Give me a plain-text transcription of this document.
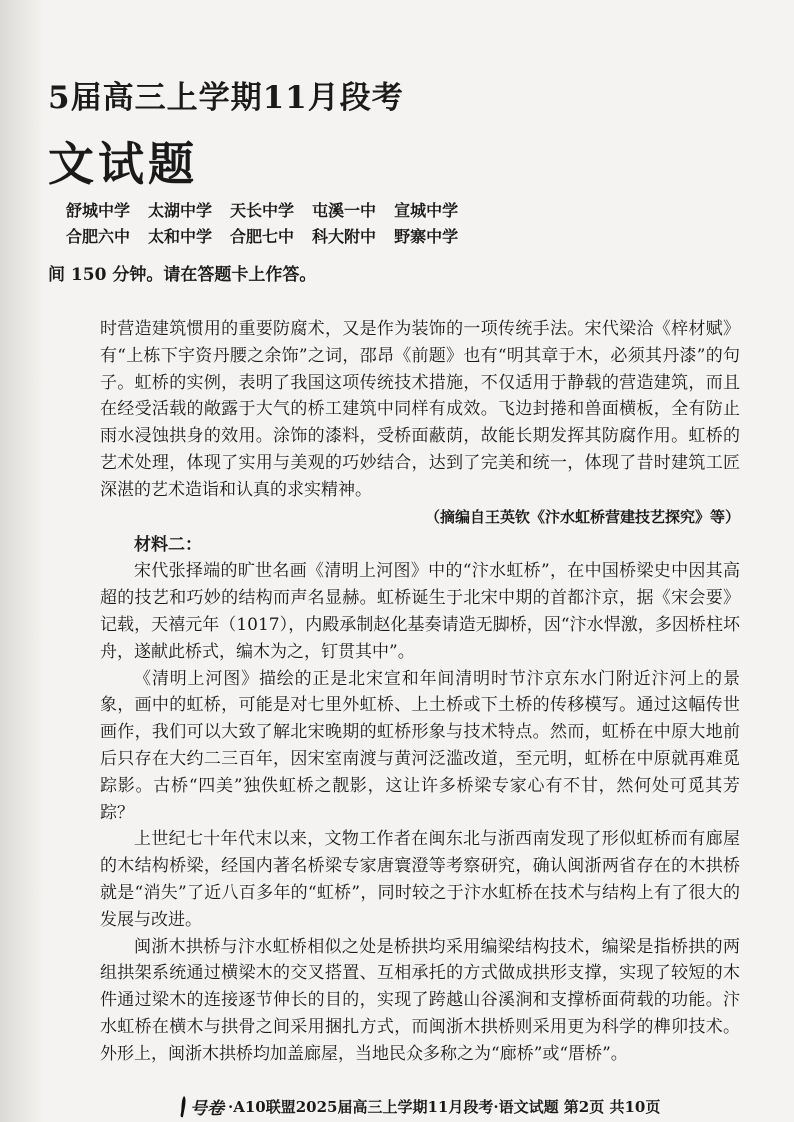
5届高三上学期11月段考
文试题
舒城中学 太湖中学 天长中学 屯溪一中 宣城中学
合肥六中 太和中学 合肥七中 科大附中 野寨中学

间 150 分钟。请在答题卡上作答。

时营造建筑惯用的重要防腐术，又是作为装饰的一项传统手法。宋代梁洽《梓材赋》有“上栋下宇资丹腰之余饰”之词，邵昂《前题》也有“明其章于木，必须其丹漆”的句子。虹桥的实例，表明了我国这项传统技术措施，不仅适用于静载的营造建筑，而且在经受活载的敞露于大气的桥工建筑中同样有成效。飞边封捲和兽面横板，全有防止雨水浸蚀拱身的效用。涂饰的漆料，受桥面蔽荫，故能长期发挥其防腐作用。虹桥的艺术处理，体现了实用与美观的巧妙结合，达到了完美和统一，体现了昔时建筑工匠深湛的艺术造诣和认真的求实精神。

（摘编自王英钦《汴水虹桥营建技艺探究》等）

材料二：

宋代张择端的旷世名画《清明上河图》中的“汴水虹桥”，在中国桥梁史中因其高超的技艺和巧妙的结构而声名显赫。虹桥诞生于北宋中期的首都汴京，据《宋会要》记载，天禧元年（1017），内殿承制赵化基奏请造无脚桥，因“汴水悍激，多因桥柱坏舟，遂献此桥式，编木为之，钉贯其中”。

《清明上河图》描绘的正是北宋宣和年间清明时节汴京东水门附近汴河上的景象，画中的虹桥，可能是对七里外虹桥、上土桥或下土桥的传移模写。通过这幅传世画作，我们可以大致了解北宋晚期的虹桥形象与技术特点。然而，虹桥在中原大地前后只存在大约二三百年，因宋室南渡与黄河泛滥改道，至元明，虹桥在中原就再难觅踪影。古桥“四美”独佚虹桥之靓影，这让许多桥梁专家心有不甘，然何处可觅其芳踪？

上世纪七十年代末以来，文物工作者在闽东北与浙西南发现了形似虹桥而有廊屋的木结构桥梁，经国内著名桥梁专家唐寰澄等考察研究，确认闽浙两省存在的木拱桥就是“消失”了近八百多年的“虹桥”，同时较之于汴水虹桥在技术与结构上有了很大的发展与改进。

闽浙木拱桥与汴水虹桥相似之处是桥拱均采用编梁结构技术，编梁是指桥拱的两组拱架系统通过横梁木的交叉搭置、互相承托的方式做成拱形支撑，实现了较短的木件通过梁木的连接逐节伸长的目的，实现了跨越山谷溪涧和支撑桥面荷载的功能。汴水虹桥在横木与拱骨之间采用捆扎方式，而闽浙木拱桥则采用更为科学的榫卯技术。外形上，闽浙木拱桥均加盖廊屋，当地民众多称之为“廊桥”或“厝桥”。

号卷 ·A10联盟2025届高三上学期11月段考·语文试题 第2页 共10页
